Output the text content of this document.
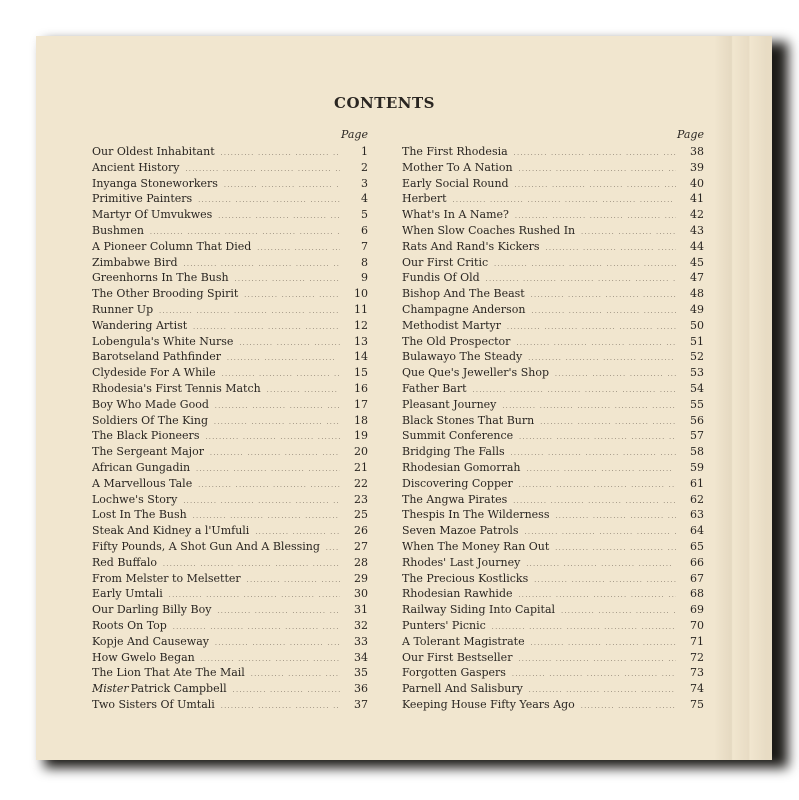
CONTENTS
Page
Our Oldest Inhabitant .....	1
Ancient History .....	2
Inyanga Stoneworkers .....	3
Primitive Painters .....	4
Martyr Of Umvukwes .....	5
Bushmen .....	6
A Pioneer Column That Died .....	7
Zimbabwe Bird .....	8
Greenhorns In The Bush .....	9
The Other Brooding Spirit .....	10
Runner Up .....	11
Wandering Artist .....	12
Lobengula's White Nurse .....	13
Barotseland Pathfinder .....	14
Clydeside For A While .....	15
Rhodesia's First Tennis Match .....	16
Boy Who Made Good .....	17
Soldiers Of The King .....	18
The Black Pioneers .....	19
The Sergeant Major .....	20
African Gungadin .....	21
A Marvellous Tale .....	22
Lochwe's Story .....	23
Lost In The Bush .....	25
Steak And Kidney a l'Umfuli .....	26
Fifty Pounds, A Shot Gun And A Blessing .....	27
Red Buffalo .....	28
From Melster to Melsetter .....	29
Early Umtali .....	30
Our Darling Billy Boy .....	31
Roots On Top .....	32
Kopje And Causeway .....	33
How Gwelo Began .....	34
The Lion That Ate The Mail .....	35
Mister Patrick Campbell .....	36
Two Sisters Of Umtali .....	37
Page
The First Rhodesia .....	38
Mother To A Nation .....	39
Early Social Round .....	40
Herbert .....	41
What's In A Name? .....	42
When Slow Coaches Rushed In .....	43
Rats And Rand's Kickers .....	44
Our First Critic .....	45
Fundis Of Old .....	47
Bishop And The Beast .....	48
Champagne Anderson .....	49
Methodist Martyr .....	50
The Old Prospector .....	51
Bulawayo The Steady .....	52
Que Que's Jeweller's Shop .....	53
Father Bart .....	54
Pleasant Journey .....	55
Black Stones That Burn .....	56
Summit Conference .....	57
Bridging The Falls .....	58
Rhodesian Gomorrah .....	59
Discovering Copper .....	61
The Angwa Pirates .....	62
Thespis In The Wilderness .....	63
Seven Mazoe Patrols .....	64
When The Money Ran Out .....	65
Rhodes' Last Journey .....	66
The Precious Kostlicks .....	67
Rhodesian Rawhide .....	68
Railway Siding Into Capital .....	69
Punters' Picnic .....	70
A Tolerant Magistrate .....	71
Our First Bestseller .....	72
Forgotten Gaspers .....	73
Parnell And Salisbury .....	74
Keeping House Fifty Years Ago .....	75
